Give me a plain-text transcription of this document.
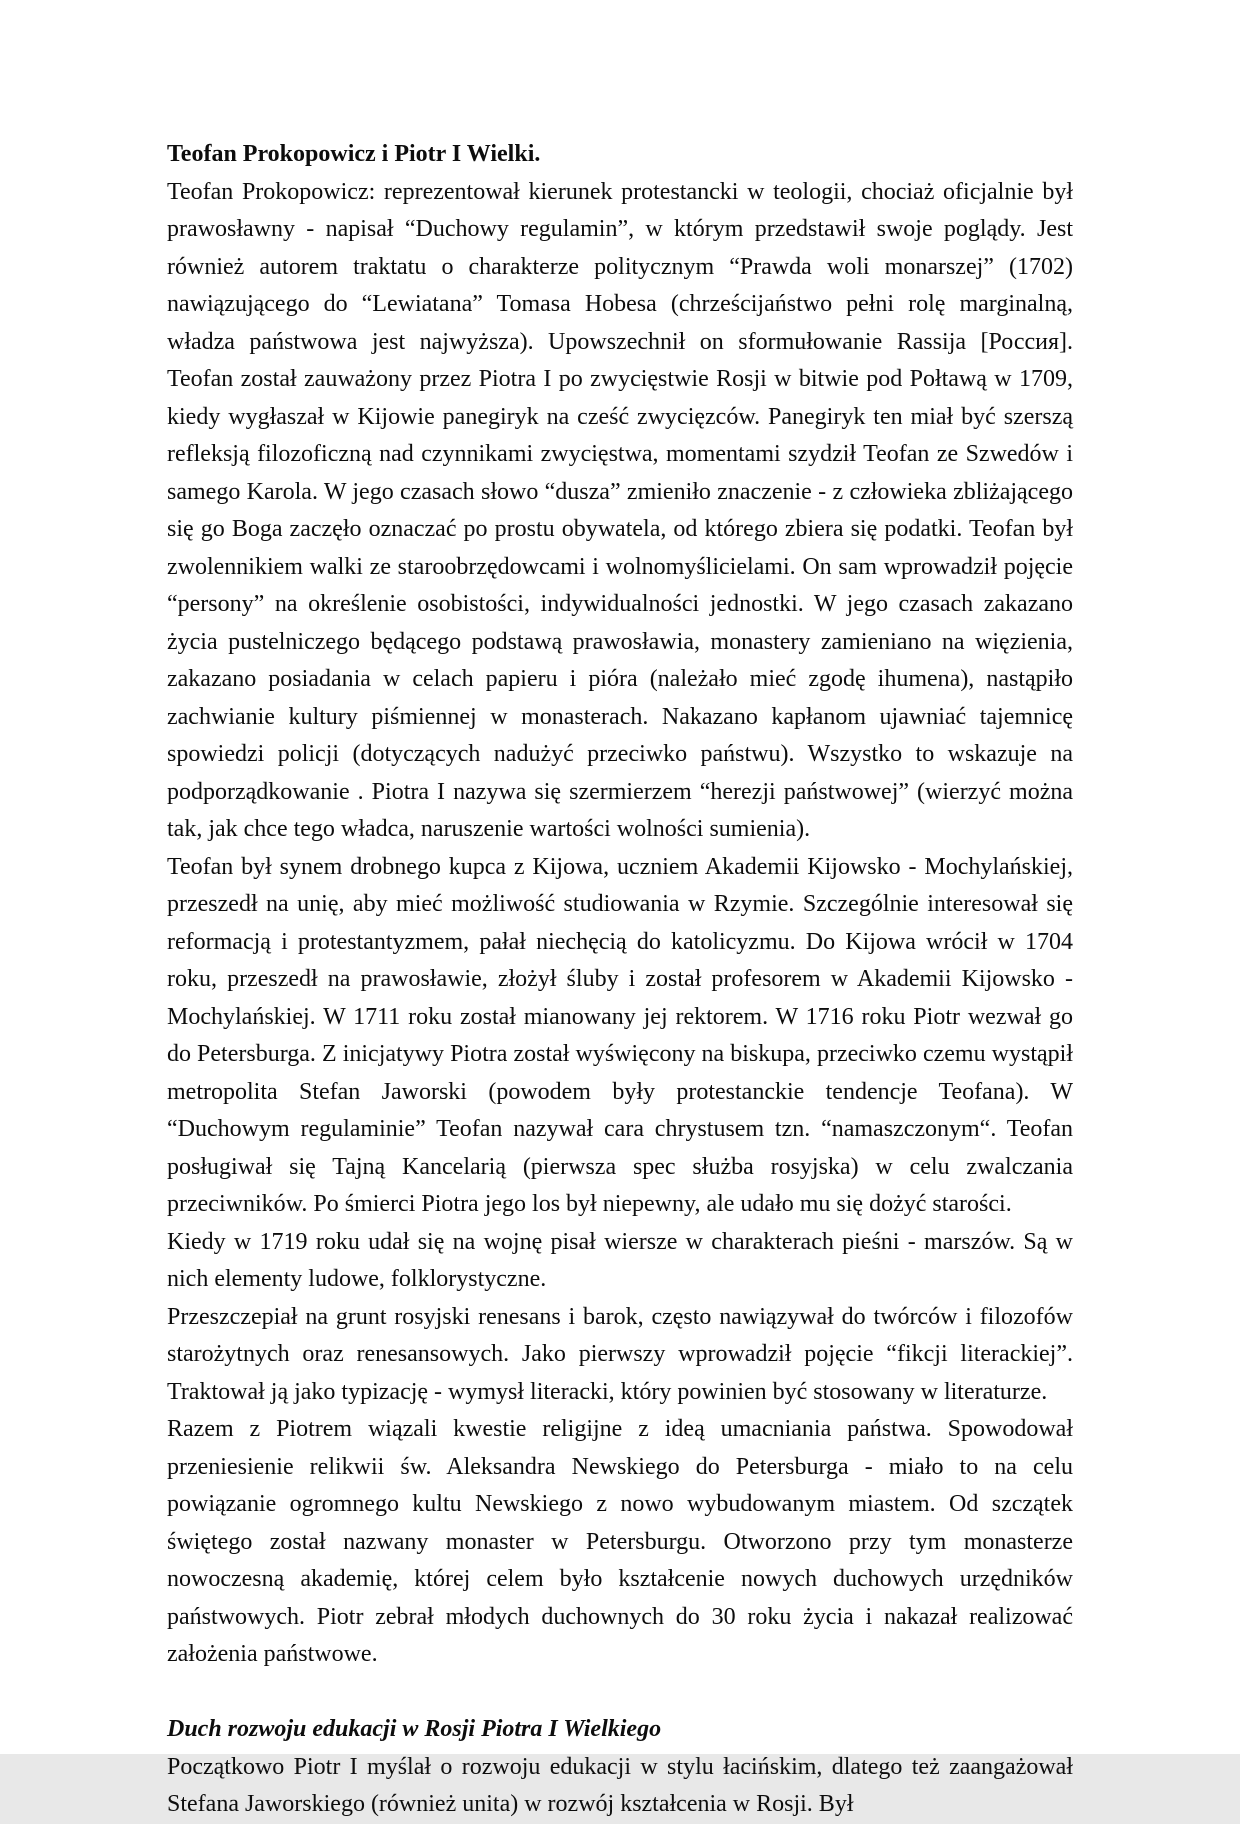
Teofan Prokopowicz i Piotr I Wielki.

Teofan Prokopowicz: reprezentował kierunek protestancki w teologii, chociaż oficjalnie był prawosławny - napisał “Duchowy regulamin”, w którym przedstawił swoje poglądy. Jest również autorem traktatu o charakterze politycznym “Prawda woli monarszej” (1702) nawiązującego do “Lewiatana” Tomasa Hobesa (chrześcijaństwo pełni rolę marginalną, władza państwowa jest najwyższa). Upowszechnił on sformułowanie Rassija [Россия]. Teofan został zauważony przez Piotra I po zwycięstwie Rosji w bitwie pod Połtawą w 1709, kiedy wygłaszał w Kijowie panegiryk na cześć zwycięzców. Panegiryk ten miał być szerszą refleksją filozoficzną nad czynnikami zwycięstwa, momentami szydził Teofan ze Szwedów i samego Karola. W jego czasach słowo “dusza” zmieniło znaczenie - z człowieka zbliżającego się go Boga zaczęło oznaczać po prostu obywatela, od którego zbiera się podatki. Teofan był zwolennikiem walki ze staroobrzędowcami i wolnomyślicielami. On sam wprowadził pojęcie “persony” na określenie osobistości, indywidualności jednostki. W jego czasach zakazano życia pustelniczego będącego podstawą prawosławia, monastery zamieniano na więzienia, zakazano posiadania w celach papieru i pióra (należało mieć zgodę ihumena), nastąpiło zachwianie kultury piśmiennej w monasterach. Nakazano kapłanom ujawniać tajemnicę spowiedzi policji (dotyczących nadużyć przeciwko państwu). Wszystko to wskazuje na podporządkowanie . Piotra I nazywa się szermierzem “herezji państwowej” (wierzyć można tak, jak chce tego władca, naruszenie wartości wolności sumienia).

Teofan był synem drobnego kupca z Kijowa, uczniem Akademii Kijowsko - Mochylańskiej, przeszedł na unię, aby mieć możliwość studiowania w Rzymie. Szczególnie interesował się reformacją i protestantyzmem, pałał niechęcią do katolicyzmu. Do Kijowa wrócił w 1704 roku, przeszedł na prawosławie, złożył śluby i został profesorem w Akademii Kijowsko - Mochylańskiej. W 1711 roku został mianowany jej rektorem. W 1716 roku Piotr wezwał go do Petersburga. Z inicjatywy Piotra został wyświęcony na biskupa, przeciwko czemu wystąpił metropolita Stefan Jaworski (powodem były protestanckie tendencje Teofana). W “Duchowym regulaminie” Teofan nazywał cara chrystusem tzn. “namaszczonym“. Teofan posługiwał się Tajną Kancelarią (pierwsza spec służba rosyjska) w celu zwalczania przeciwników. Po śmierci Piotra jego los był niepewny, ale udało mu się dożyć starości.

Kiedy w 1719 roku udał się na wojnę pisał wiersze w charakterach pieśni - marszów. Są w nich elementy ludowe, folklorystyczne.

Przeszczepiał na grunt rosyjski renesans i barok, często nawiązywał do twórców i filozofów starożytnych oraz renesansowych. Jako pierwszy wprowadził pojęcie “fikcji literackiej”. Traktował ją jako typizację - wymysł literacki, który powinien być stosowany w literaturze.

Razem z Piotrem wiązali kwestie religijne z ideą umacniania państwa. Spowodował przeniesienie relikwii św. Aleksandra Newskiego do Petersburga - miało to na celu powiązanie ogromnego kultu Newskiego z nowo wybudowanym miastem. Od szczątek świętego został nazwany monaster w Petersburgu. Otworzono przy tym monasterze nowoczesną akademię, której celem było kształcenie nowych duchowych urzędników państwowych. Piotr zebrał młodych duchownych do 30 roku życia i nakazał realizować założenia państwowe.

Duch rozwoju edukacji w Rosji Piotra I Wielkiego

Początkowo Piotr I myślał o rozwoju edukacji w stylu łacińskim, dlatego też zaangażował Stefana Jaworskiego (również unita) w rozwój kształcenia w Rosji. Był
